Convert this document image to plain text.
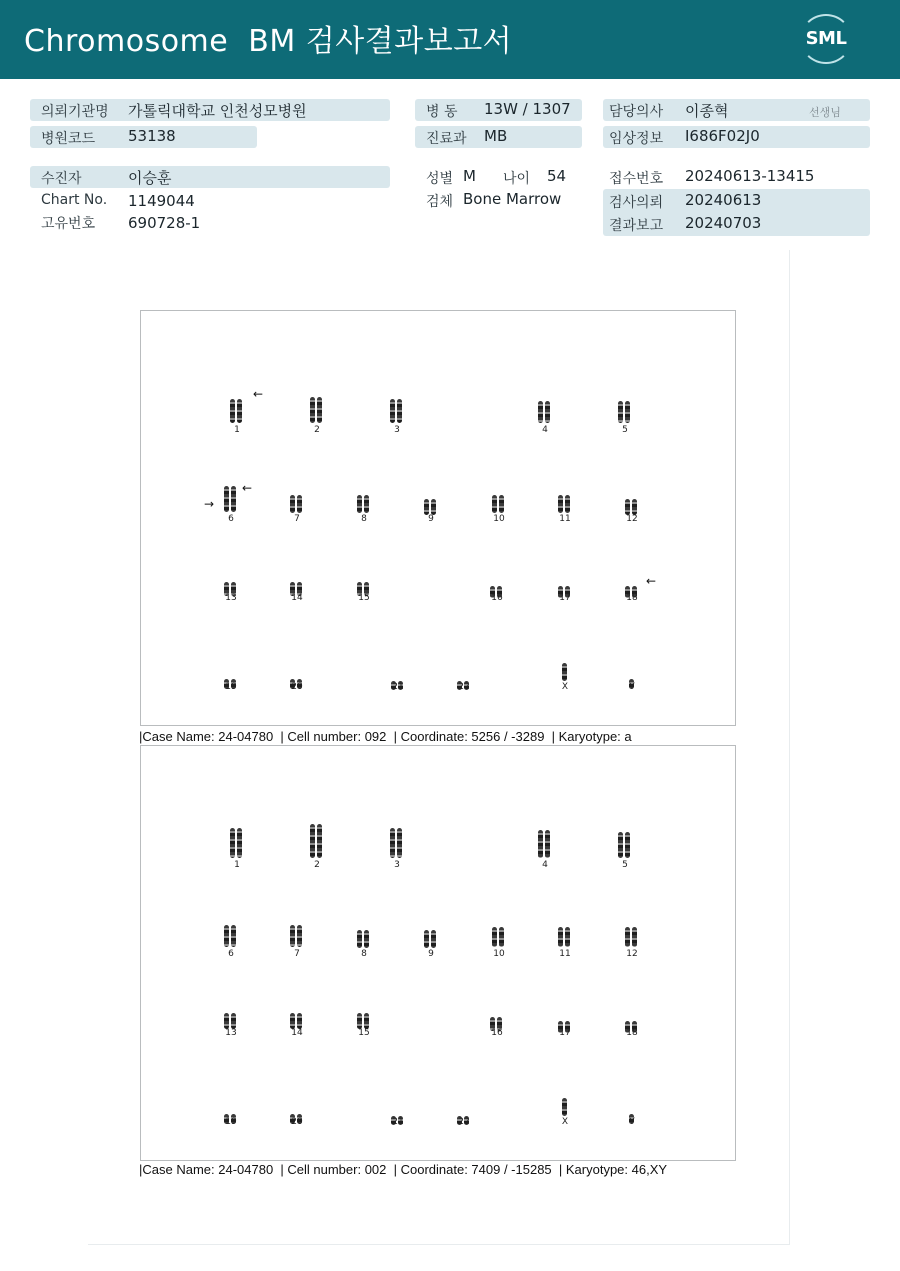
Chromosome  BM 검사결과보고서	SML
의뢰기관명 가톨릭대학교 인천성모병원
병원코드 53138
수진자	이승훈
Chart No. 1149044
고유번호 690728-1
병 동 13W / 1307
진료과 MB
성별 M 나이 54
검체 Bone Marrow
담당의사 이종혁	선생님
임상정보 I686F02J0
접수번호 20240613-13415
검사의뢰 20240613
결과보고 20240703
1	2	3	4	5
6	7	8	9	10	11	12
13	14	15	16	17	18
19	20	21	22	X	Y
←
←
→
←
|Case Name: 24-04780  | Cell number: 092  | Coordinate: 5256 / -3289  | Karyotype: a
1	2	3	4	5
6	7	8	9	10	11	12
13	14	15	16	17	18
19	20	21	22	X	Y
|Case Name: 24-04780  | Cell number: 002  | Coordinate: 7409 / -15285  | Karyotype: 46,XY
